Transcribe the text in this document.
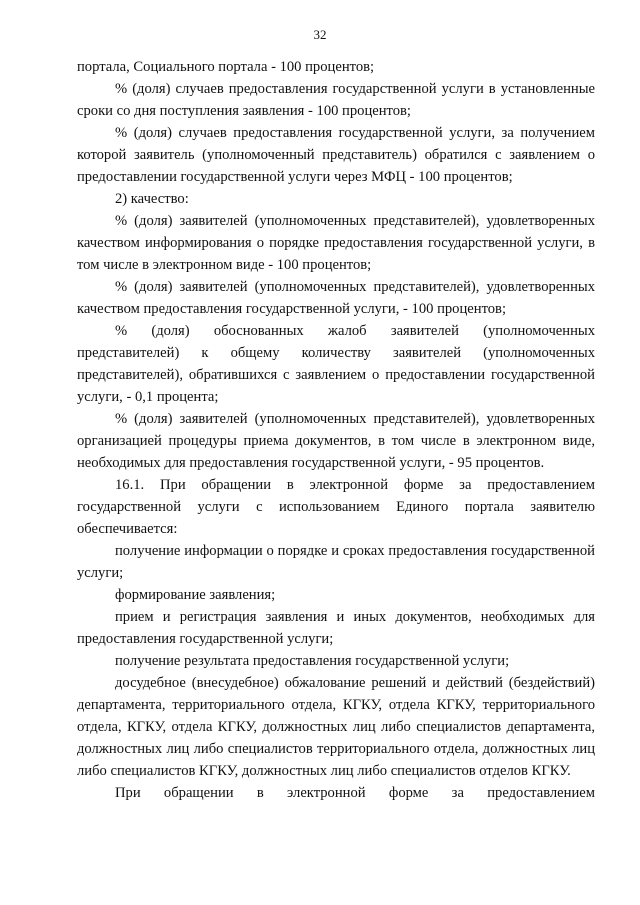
32

портала, Социального портала - 100 процентов;

% (доля) случаев предоставления государственной услуги в установленные сроки со дня поступления заявления - 100 процентов;

% (доля) случаев предоставления государственной услуги, за получением которой заявитель (уполномоченный представитель) обратился с заявлением о предоставлении государственной услуги через МФЦ - 100 процентов;

2) качество:

% (доля) заявителей (уполномоченных представителей), удовлетворенных качеством информирования о порядке предоставления государственной услуги, в том числе в электронном виде - 100 процентов;

% (доля) заявителей (уполномоченных представителей), удовлетворенных качеством предоставления государственной услуги, - 100 процентов;

% (доля) обоснованных жалоб заявителей (уполномоченных представителей) к общему количеству заявителей (уполномоченных представителей), обратившихся с заявлением о предоставлении государственной услуги, - 0,1 процента;

% (доля) заявителей (уполномоченных представителей), удовлетворенных организацией процедуры приема документов, в том числе в электронном виде, необходимых для предоставления государственной услуги, - 95 процентов.

16.1. При обращении в электронной форме за предоставлением государственной услуги с использованием Единого портала заявителю обеспечивается:

получение информации о порядке и сроках предоставления государственной услуги;

формирование заявления;

прием и регистрация заявления и иных документов, необходимых для предоставления государственной услуги;

получение результата предоставления государственной услуги;

досудебное (внесудебное) обжалование решений и действий (бездействий) департамента, территориального отдела, КГКУ, отдела КГКУ, территориального отдела, КГКУ, отдела КГКУ, должностных лиц либо специалистов департамента, должностных лиц либо специалистов территориального отдела, должностных лиц либо специалистов КГКУ, должностных лиц либо специалистов отделов КГКУ.

При обращении в электронной форме за предоставлением
